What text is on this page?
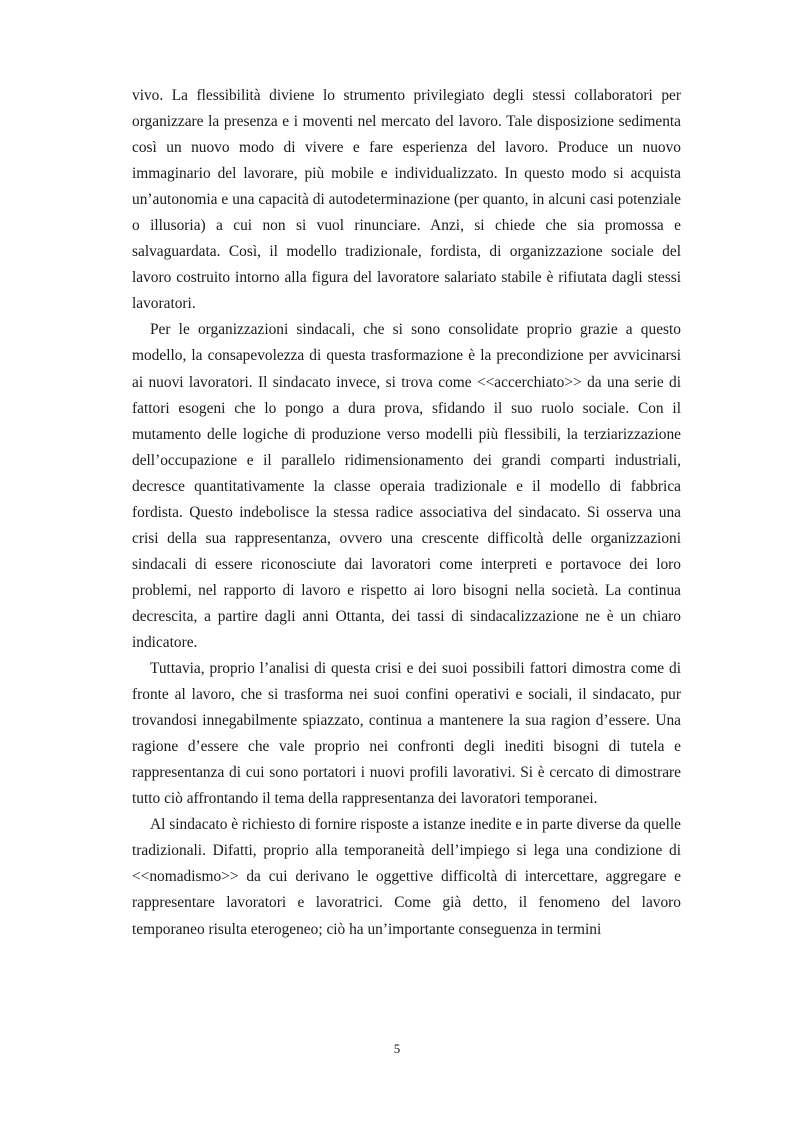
vivo. La flessibilità diviene lo strumento privilegiato degli stessi collaboratori per organizzare la presenza e i moventi nel mercato del lavoro. Tale disposizione sedimenta così un nuovo modo di vivere e fare esperienza del lavoro. Produce un nuovo immaginario del lavorare, più mobile e individualizzato. In questo modo si acquista un’autonomia e una capacità di autodeterminazione (per quanto, in alcuni casi potenziale o illusoria) a cui non si vuol rinunciare. Anzi, si chiede che sia promossa e salvaguardata. Così, il modello tradizionale, fordista, di organizzazione sociale del lavoro costruito intorno alla figura del lavoratore salariato stabile è rifiutata dagli stessi lavoratori.

Per le organizzazioni sindacali, che si sono consolidate proprio grazie a questo modello, la consapevolezza di questa trasformazione è la precondizione per avvicinarsi ai nuovi lavoratori. Il sindacato invece, si trova come <<accerchiato>> da una serie di fattori esogeni che lo pongo a dura prova, sfidando il suo ruolo sociale. Con il mutamento delle logiche di produzione verso modelli più flessibili, la terziarizzazione dell’occupazione e il parallelo ridimensionamento dei grandi comparti industriali, decresce quantitativamente la classe operaia tradizionale e il modello di fabbrica fordista. Questo indebolisce la stessa radice associativa del sindacato. Si osserva una crisi della sua rappresentanza, ovvero una crescente difficoltà delle organizzazioni sindacali di essere riconosciute dai lavoratori come interpreti e portavoce dei loro problemi, nel rapporto di lavoro e rispetto ai loro bisogni nella società. La continua decrescita, a partire dagli anni Ottanta, dei tassi di sindacalizzazione ne è un chiaro indicatore.

Tuttavia, proprio l’analisi di questa crisi e dei suoi possibili fattori dimostra come di fronte al lavoro, che si trasforma nei suoi confini operativi e sociali, il sindacato, pur trovandosi innegabilmente spiazzato, continua a mantenere la sua ragion d’essere. Una ragione d’essere che vale proprio nei confronti degli inediti bisogni di tutela e rappresentanza di cui sono portatori i nuovi profili lavorativi. Si è cercato di dimostrare tutto ciò affrontando il tema della rappresentanza dei lavoratori temporanei.

Al sindacato è richiesto di fornire risposte a istanze inedite e in parte diverse da quelle tradizionali. Difatti, proprio alla temporaneità dell’impiego si lega una condizione di <<nomadismo>> da cui derivano le oggettive difficoltà di intercettare, aggregare e rappresentare lavoratori e lavoratrici. Come già detto, il fenomeno del lavoro temporaneo risulta eterogeneo; ciò ha un’importante conseguenza in termini

5
